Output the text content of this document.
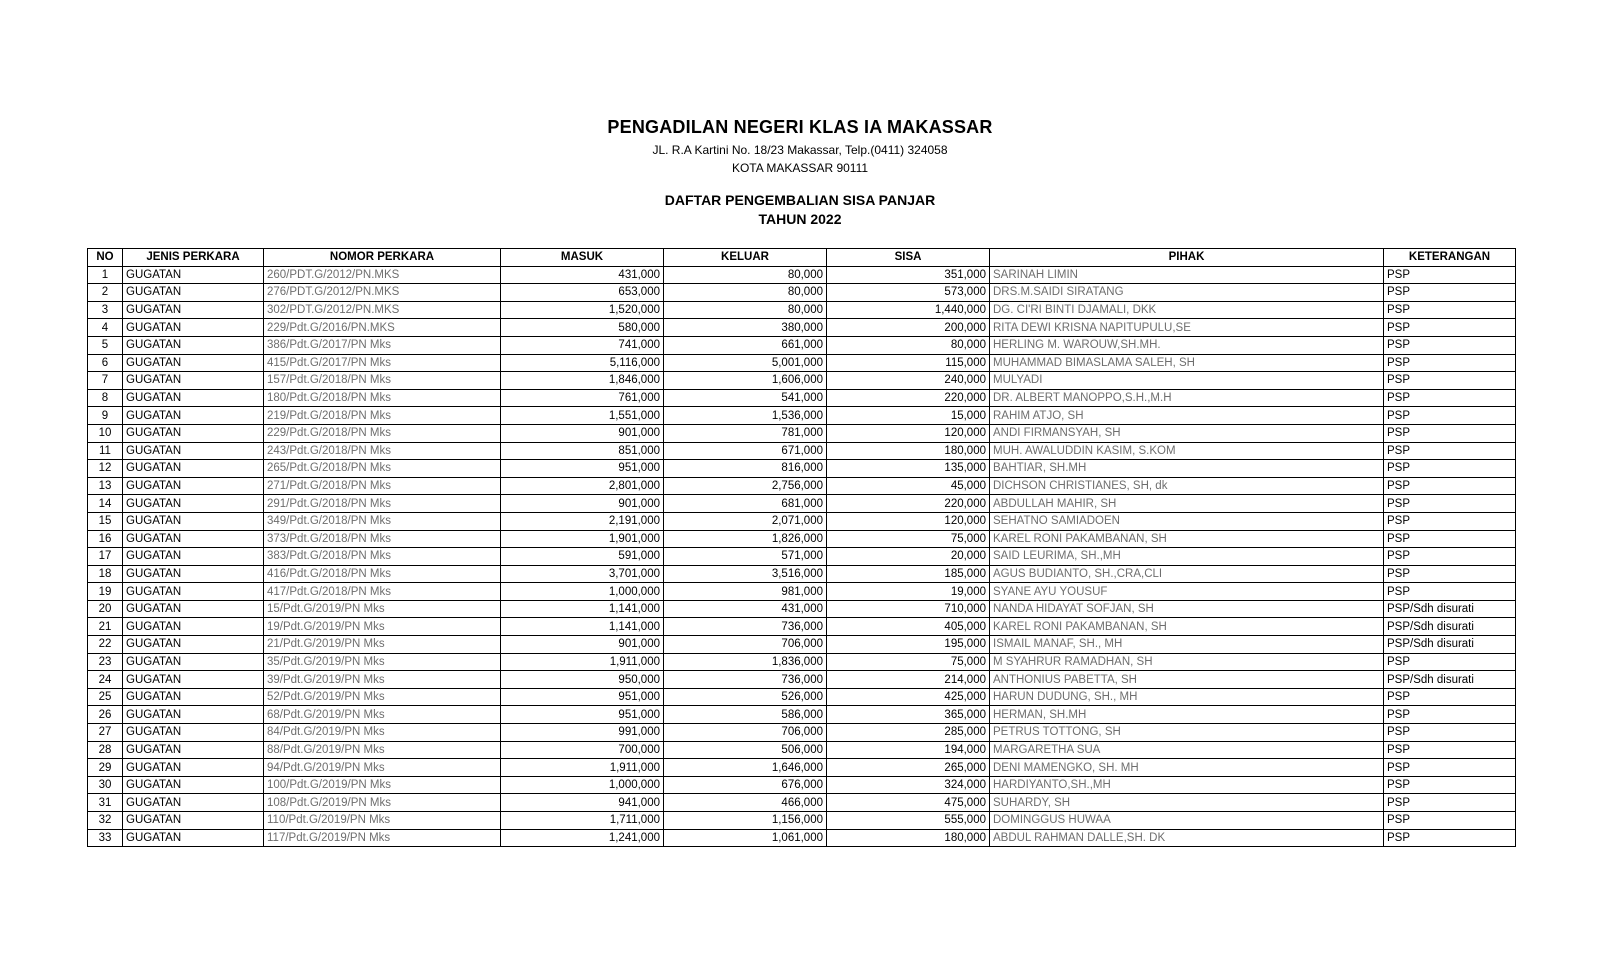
PENGADILAN NEGERI KLAS IA MAKASSAR
JL. R.A Kartini No. 18/23 Makassar, Telp.(0411) 324058
KOTA MAKASSAR 90111
DAFTAR PENGEMBALIAN SISA PANJAR
TAHUN 2022
NO	JENIS PERKARA	NOMOR PERKARA	MASUK	KELUAR	SISA	PIHAK	KETERANGAN
1	GUGATAN	260/PDT.G/2012/PN.MKS	431,000	80,000	351,000	SARINAH LIMIN	PSP
2	GUGATAN	276/PDT.G/2012/PN.MKS	653,000	80,000	573,000	DRS.M.SAIDI SIRATANG	PSP
3	GUGATAN	302/PDT.G/2012/PN.MKS	1,520,000	80,000	1,440,000	DG. CI'RI BINTI DJAMALI, DKK	PSP
4	GUGATAN	229/Pdt.G/2016/PN.MKS	580,000	380,000	200,000	RITA DEWI KRISNA NAPITUPULU,SE	PSP
5	GUGATAN	386/Pdt.G/2017/PN Mks	741,000	661,000	80,000	HERLING M. WAROUW,SH.MH.	PSP
6	GUGATAN	415/Pdt.G/2017/PN Mks	5,116,000	5,001,000	115,000	MUHAMMAD BIMASLAMA SALEH, SH	PSP
7	GUGATAN	157/Pdt.G/2018/PN Mks	1,846,000	1,606,000	240,000	MULYADI	PSP
8	GUGATAN	180/Pdt.G/2018/PN Mks	761,000	541,000	220,000	DR. ALBERT MANOPPO,S.H.,M.H	PSP
9	GUGATAN	219/Pdt.G/2018/PN Mks	1,551,000	1,536,000	15,000	RAHIM ATJO, SH	PSP
10	GUGATAN	229/Pdt.G/2018/PN Mks	901,000	781,000	120,000	ANDI FIRMANSYAH, SH	PSP
11	GUGATAN	243/Pdt.G/2018/PN Mks	851,000	671,000	180,000	MUH. AWALUDDIN KASIM, S.KOM	PSP
12	GUGATAN	265/Pdt.G/2018/PN Mks	951,000	816,000	135,000	BAHTIAR, SH.MH	PSP
13	GUGATAN	271/Pdt.G/2018/PN Mks	2,801,000	2,756,000	45,000	DICHSON CHRISTIANES, SH, dk	PSP
14	GUGATAN	291/Pdt.G/2018/PN Mks	901,000	681,000	220,000	ABDULLAH MAHIR, SH	PSP
15	GUGATAN	349/Pdt.G/2018/PN Mks	2,191,000	2,071,000	120,000	SEHATNO SAMIADOEN	PSP
16	GUGATAN	373/Pdt.G/2018/PN Mks	1,901,000	1,826,000	75,000	KAREL RONI PAKAMBANAN, SH	PSP
17	GUGATAN	383/Pdt.G/2018/PN Mks	591,000	571,000	20,000	SAID LEURIMA, SH.,MH	PSP
18	GUGATAN	416/Pdt.G/2018/PN Mks	3,701,000	3,516,000	185,000	AGUS BUDIANTO, SH.,CRA,CLI	PSP
19	GUGATAN	417/Pdt.G/2018/PN Mks	1,000,000	981,000	19,000	SYANE AYU YOUSUF	PSP
20	GUGATAN	15/Pdt.G/2019/PN Mks	1,141,000	431,000	710,000	NANDA HIDAYAT SOFJAN, SH	PSP/Sdh disurati
21	GUGATAN	19/Pdt.G/2019/PN Mks	1,141,000	736,000	405,000	KAREL RONI PAKAMBANAN, SH	PSP/Sdh disurati
22	GUGATAN	21/Pdt.G/2019/PN Mks	901,000	706,000	195,000	ISMAIL MANAF, SH., MH	PSP/Sdh disurati
23	GUGATAN	35/Pdt.G/2019/PN Mks	1,911,000	1,836,000	75,000	M SYAHRUR RAMADHAN, SH	PSP
24	GUGATAN	39/Pdt.G/2019/PN Mks	950,000	736,000	214,000	ANTHONIUS PABETTA, SH	PSP/Sdh disurati
25	GUGATAN	52/Pdt.G/2019/PN Mks	951,000	526,000	425,000	HARUN DUDUNG, SH., MH	PSP
26	GUGATAN	68/Pdt.G/2019/PN Mks	951,000	586,000	365,000	HERMAN, SH.MH	PSP
27	GUGATAN	84/Pdt.G/2019/PN Mks	991,000	706,000	285,000	PETRUS TOTTONG, SH	PSP
28	GUGATAN	88/Pdt.G/2019/PN Mks	700,000	506,000	194,000	MARGARETHA SUA	PSP
29	GUGATAN	94/Pdt.G/2019/PN Mks	1,911,000	1,646,000	265,000	DENI MAMENGKO, SH. MH	PSP
30	GUGATAN	100/Pdt.G/2019/PN Mks	1,000,000	676,000	324,000	HARDIYANTO,SH.,MH	PSP
31	GUGATAN	108/Pdt.G/2019/PN Mks	941,000	466,000	475,000	SUHARDY, SH	PSP
32	GUGATAN	110/Pdt.G/2019/PN Mks	1,711,000	1,156,000	555,000	DOMINGGUS HUWAA	PSP
33	GUGATAN	117/Pdt.G/2019/PN Mks	1,241,000	1,061,000	180,000	ABDUL RAHMAN DALLE,SH. DK	PSP
